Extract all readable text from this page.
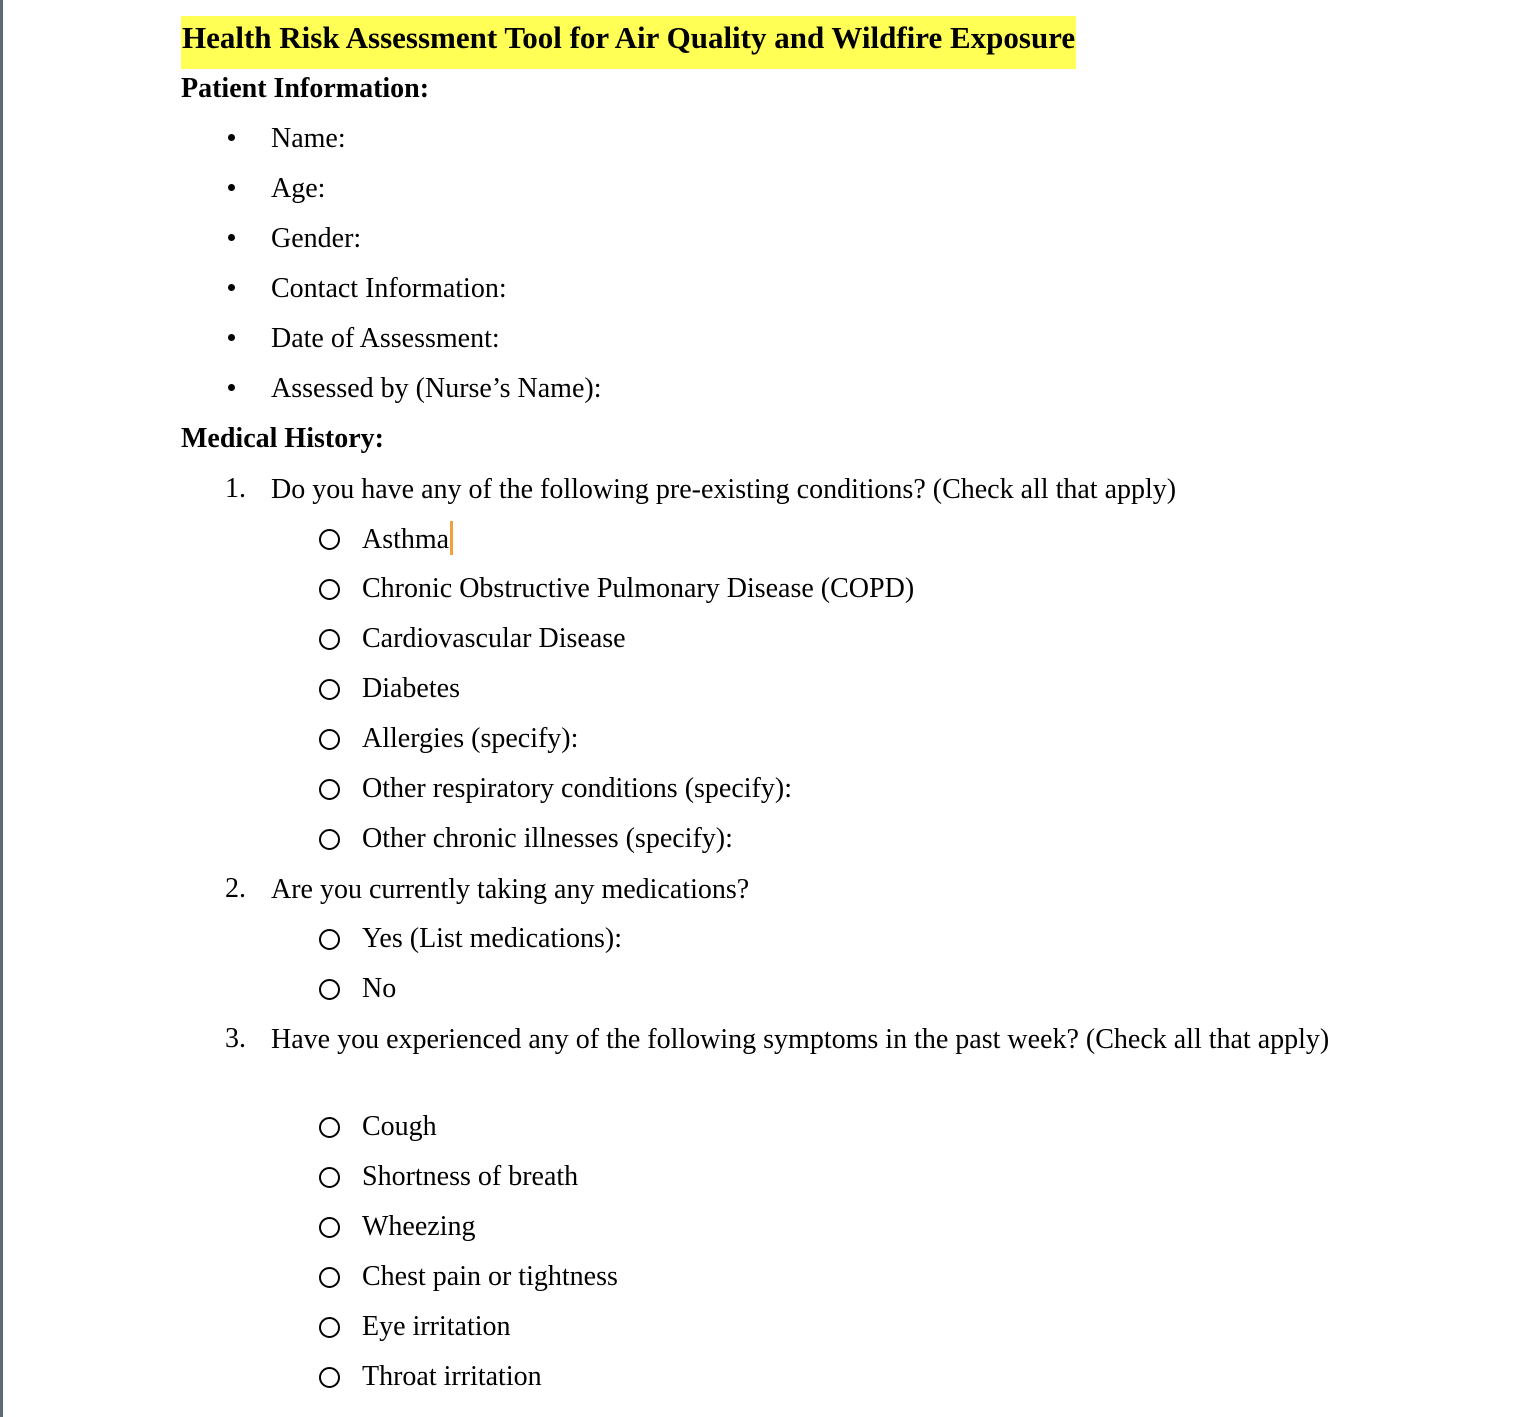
Health Risk Assessment Tool for Air Quality and Wildfire Exposure
Patient Information:
Name:
Age:
Gender:
Contact Information:
Date of Assessment:
Assessed by (Nurse’s Name):
Medical History:
1. Do you have any of the following pre-existing conditions? (Check all that apply)
Asthma
Chronic Obstructive Pulmonary Disease (COPD)
Cardiovascular Disease
Diabetes
Allergies (specify):
Other respiratory conditions (specify):
Other chronic illnesses (specify):
2. Are you currently taking any medications?
Yes (List medications):
No
3. Have you experienced any of the following symptoms in the past week? (Check all that apply)
Cough
Shortness of breath
Wheezing
Chest pain or tightness
Eye irritation
Throat irritation
